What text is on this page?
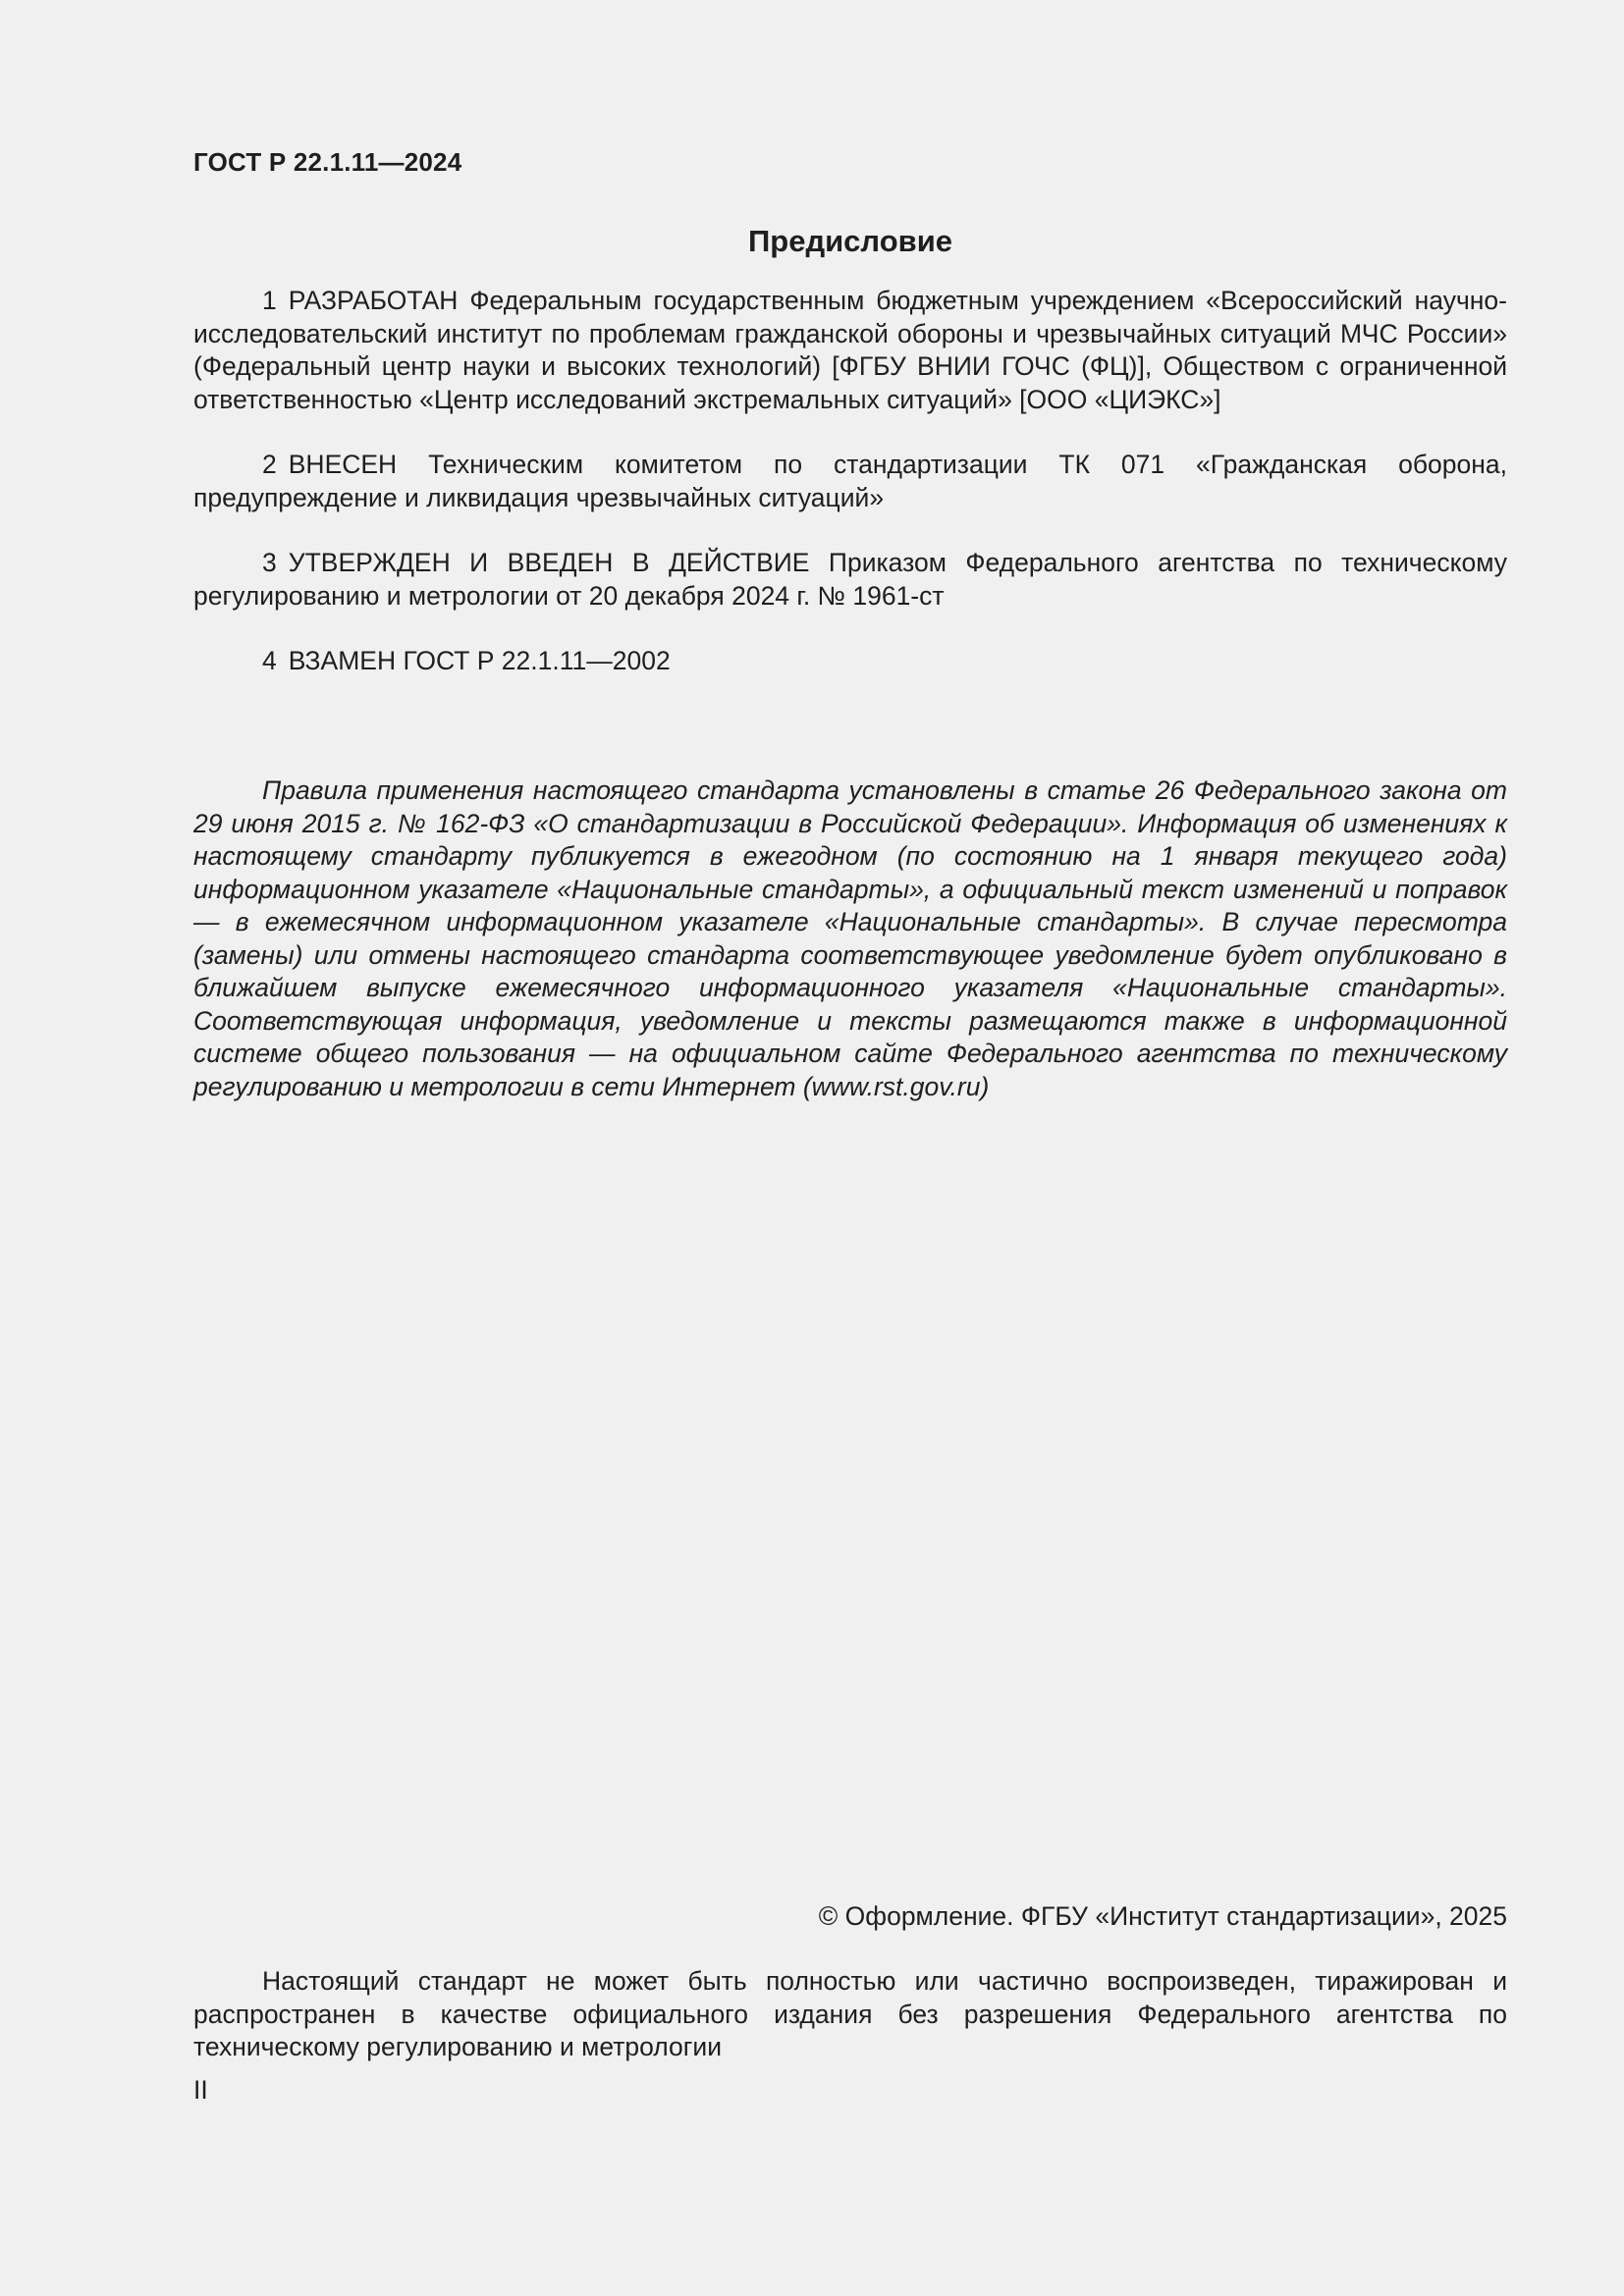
ГОСТ Р 22.1.11—2024
Предисловие

1 РАЗРАБОТАН Федеральным государственным бюджетным учреждением «Всероссийский научно-исследовательский институт по проблемам гражданской обороны и чрезвычайных ситуаций МЧС России» (Федеральный центр науки и высоких технологий) [ФГБУ ВНИИ ГОЧС (ФЦ)], Обществом с ограниченной ответственностью «Центр исследований экстремальных ситуаций» [ООО «ЦИЭКС»]

2 ВНЕСЕН Техническим комитетом по стандартизации ТК 071 «Гражданская оборона, предупреждение и ликвидация чрезвычайных ситуаций»

3 УТВЕРЖДЕН И ВВЕДЕН В ДЕЙСТВИЕ Приказом Федерального агентства по техническому регулированию и метрологии от 20 декабря 2024 г. № 1961-ст

4 ВЗАМЕН ГОСТ Р 22.1.11—2002

Правила применения настоящего стандарта установлены в статье 26 Федерального закона от 29 июня 2015 г. № 162-ФЗ «О стандартизации в Российской Федерации». Информация об изменениях к настоящему стандарту публикуется в ежегодном (по состоянию на 1 января текущего года) информационном указателе «Национальные стандарты», а официальный текст изменений и поправок — в ежемесячном информационном указателе «Национальные стандарты». В случае пересмотра (замены) или отмены настоящего стандарта соответствующее уведомление будет опубликовано в ближайшем выпуске ежемесячного информационного указателя «Национальные стандарты». Соответствующая информация, уведомление и тексты размещаются также в информационной системе общего пользования — на официальном сайте Федерального агентства по техническому регулированию и метрологии в сети Интернет (www.rst.gov.ru)

© Оформление. ФГБУ «Институт стандартизации», 2025

Настоящий стандарт не может быть полностью или частично воспроизведен, тиражирован и распространен в качестве официального издания без разрешения Федерального агентства по техническому регулированию и метрологии

II
